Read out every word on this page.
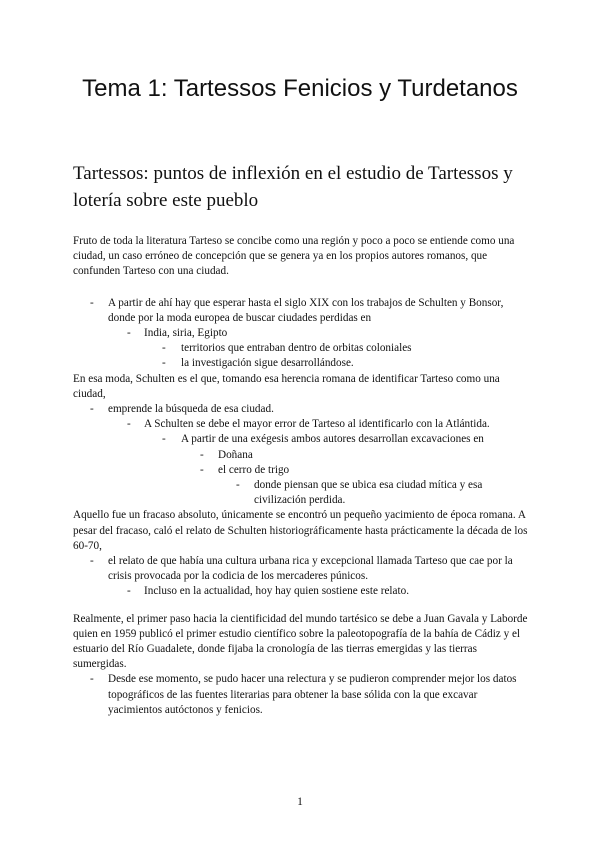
Tema 1: Tartessos Fenicios y Turdetanos
Tartessos: puntos de inflexión en el estudio de Tartessos y lotería sobre este pueblo

Fruto de toda la literatura Tarteso se concibe como una región y poco a poco se entiende como una ciudad, un caso erróneo de concepción que se genera ya en los propios autores romanos, que confunden Tarteso con una ciudad.

- A partir de ahí hay que esperar hasta el siglo XIX con los trabajos de Schulten y Bonsor, donde por la moda europea de buscar ciudades perdidas en
- India, siria, Egipto
- territorios que entraban dentro de orbitas coloniales
- la investigación sigue desarrollándose.

En esa moda, Schulten es el que, tomando esa herencia romana de identificar Tarteso como una ciudad,

- emprende la búsqueda de esa ciudad.
- A Schulten se debe el mayor error de Tarteso al identificarlo con la Atlántida.
- A partir de una exégesis ambos autores desarrollan excavaciones en
- Doñana
- el cerro de trigo
- donde piensan que se ubica esa ciudad mítica y esa civilización perdida.

Aquello fue un fracaso absoluto, únicamente se encontró un pequeño yacimiento de época romana. A pesar del fracaso, caló el relato de Schulten historiográficamente hasta prácticamente la década de los 60-70,

- el relato de que había una cultura urbana rica y excepcional llamada Tarteso que cae por la crisis provocada por la codicia de los mercaderes púnicos.
- Incluso en la actualidad, hoy hay quien sostiene este relato.

Realmente, el primer paso hacia la cientificidad del mundo tartésico se debe a Juan Gavala y Laborde quien en 1959 publicó el primer estudio científico sobre la paleotopografía de la bahía de Cádiz y el estuario del Río Guadalete, donde fijaba la cronología de las tierras emergidas y las tierras sumergidas.

- Desde ese momento, se pudo hacer una relectura y se pudieron comprender mejor los datos topográficos de las fuentes literarias para obtener la base sólida con la que excavar yacimientos autóctonos y fenicios.
1
